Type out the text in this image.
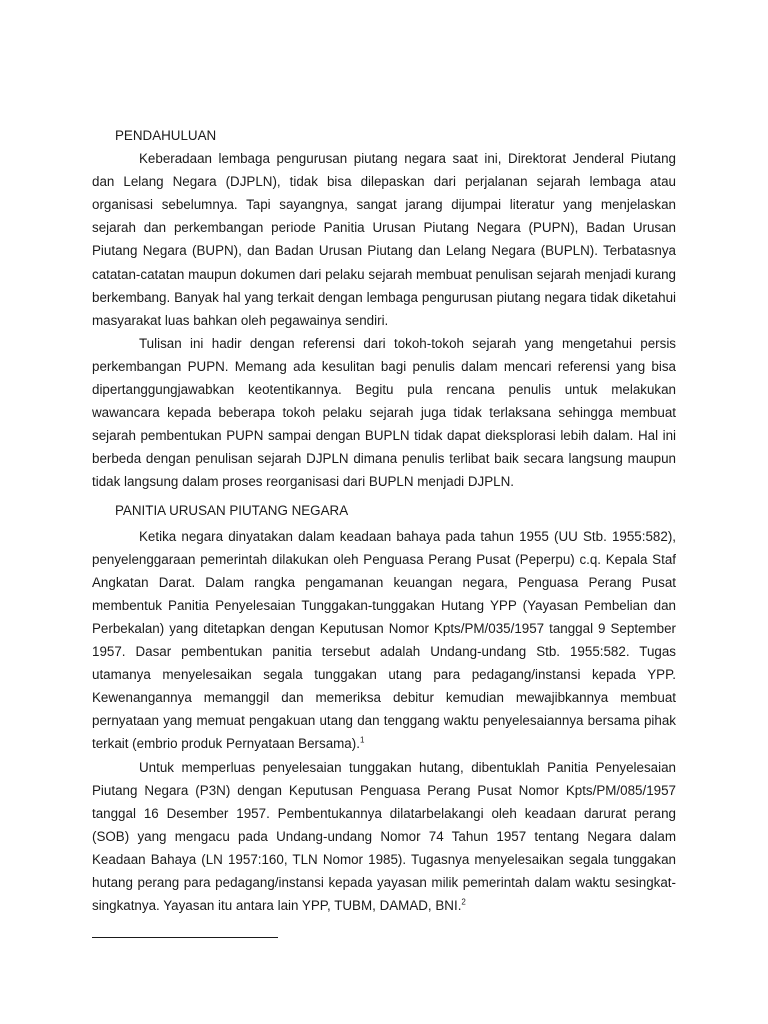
PENDAHULUAN

Keberadaan lembaga pengurusan piutang negara saat ini, Direktorat Jenderal Piutang dan Lelang Negara (DJPLN), tidak bisa dilepaskan dari perjalanan sejarah lembaga atau organisasi sebelumnya. Tapi sayangnya, sangat jarang dijumpai literatur yang menjelaskan sejarah dan perkembangan periode Panitia Urusan Piutang Negara (PUPN), Badan Urusan Piutang Negara (BUPN), dan Badan Urusan Piutang dan Lelang Negara (BUPLN). Terbatasnya catatan-catatan maupun dokumen dari pelaku sejarah membuat penulisan sejarah menjadi kurang berkembang. Banyak hal yang terkait dengan lembaga pengurusan piutang negara tidak diketahui masyarakat luas bahkan oleh pegawainya sendiri.

Tulisan ini hadir dengan referensi dari tokoh-tokoh sejarah yang mengetahui persis perkembangan PUPN. Memang ada kesulitan bagi penulis dalam mencari referensi yang bisa dipertanggungjawabkan keotentikannya. Begitu pula rencana penulis untuk melakukan wawancara kepada beberapa tokoh pelaku sejarah juga tidak terlaksana sehingga membuat sejarah pembentukan PUPN sampai dengan BUPLN tidak dapat dieksplorasi lebih dalam. Hal ini berbeda dengan penulisan sejarah DJPLN dimana penulis terlibat baik secara langsung maupun tidak langsung dalam proses reorganisasi dari BUPLN menjadi DJPLN.

PANITIA URUSAN PIUTANG NEGARA

Ketika negara dinyatakan dalam keadaan bahaya pada tahun 1955 (UU Stb. 1955:582), penyelenggaraan pemerintah dilakukan oleh Penguasa Perang Pusat (Peperpu) c.q. Kepala Staf Angkatan Darat. Dalam rangka pengamanan keuangan negara, Penguasa Perang Pusat membentuk Panitia Penyelesaian Tunggakan-tunggakan Hutang YPP (Yayasan Pembelian dan Perbekalan) yang ditetapkan dengan Keputusan Nomor Kpts/PM/035/1957 tanggal 9 September 1957. Dasar pembentukan panitia tersebut adalah Undang-undang Stb. 1955:582. Tugas utamanya menyelesaikan segala tunggakan utang para pedagang/instansi kepada YPP. Kewenangannya memanggil dan memeriksa debitur kemudian mewajibkannya membuat pernyataan yang memuat pengakuan utang dan tenggang waktu penyelesaiannya bersama pihak terkait (embrio produk Pernyataan Bersama).$^1$

Untuk memperluas penyelesaian tunggakan hutang, dibentuklah Panitia Penyelesaian Piutang Negara (P3N) dengan Keputusan Penguasa Perang Pusat Nomor Kpts/PM/085/1957 tanggal 16 Desember 1957. Pembentukannya dilatarbelakangi oleh keadaan darurat perang (SOB) yang mengacu pada Undang-undang Nomor 74 Tahun 1957 tentang Negara dalam Keadaan Bahaya (LN 1957:160, TLN Nomor 1985). Tugasnya menyelesaikan segala tunggakan hutang perang para pedagang/instansi kepada yayasan milik pemerintah dalam waktu sesingkat-singkatnya. Yayasan itu antara lain YPP, TUBM, DAMAD, BNI.$^2$
